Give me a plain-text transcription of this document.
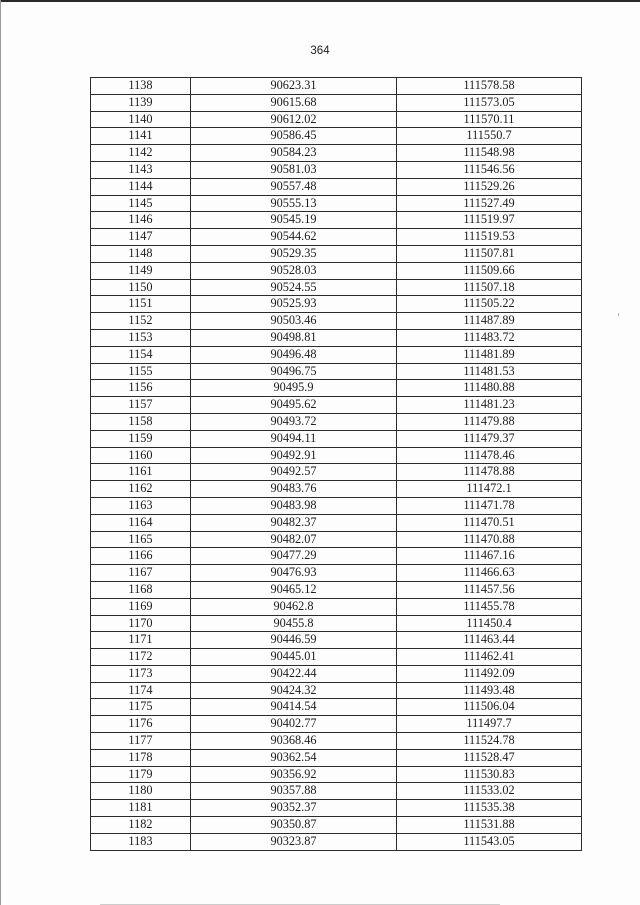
364
1138	90623.31	111578.58
1139	90615.68	111573.05
1140	90612.02	111570.11
1141	90586.45	111550.7
1142	90584.23	111548.98
1143	90581.03	111546.56
1144	90557.48	111529.26
1145	90555.13	111527.49
1146	90545.19	111519.97
1147	90544.62	111519.53
1148	90529.35	111507.81
1149	90528.03	111509.66
1150	90524.55	111507.18
1151	90525.93	111505.22
1152	90503.46	111487.89
1153	90498.81	111483.72
1154	90496.48	111481.89
1155	90496.75	111481.53
1156	90495.9	111480.88
1157	90495.62	111481.23
1158	90493.72	111479.88
1159	90494.11	111479.37
1160	90492.91	111478.46
1161	90492.57	111478.88
1162	90483.76	111472.1
1163	90483.98	111471.78
1164	90482.37	111470.51
1165	90482.07	111470.88
1166	90477.29	111467.16
1167	90476.93	111466.63
1168	90465.12	111457.56
1169	90462.8	111455.78
1170	90455.8	111450.4
1171	90446.59	111463.44
1172	90445.01	111462.41
1173	90422.44	111492.09
1174	90424.32	111493.48
1175	90414.54	111506.04
1176	90402.77	111497.7
1177	90368.46	111524.78
1178	90362.54	111528.47
1179	90356.92	111530.83
1180	90357.88	111533.02
1181	90352.37	111535.38
1182	90350.87	111531.88
1183	90323.87	111543.05
